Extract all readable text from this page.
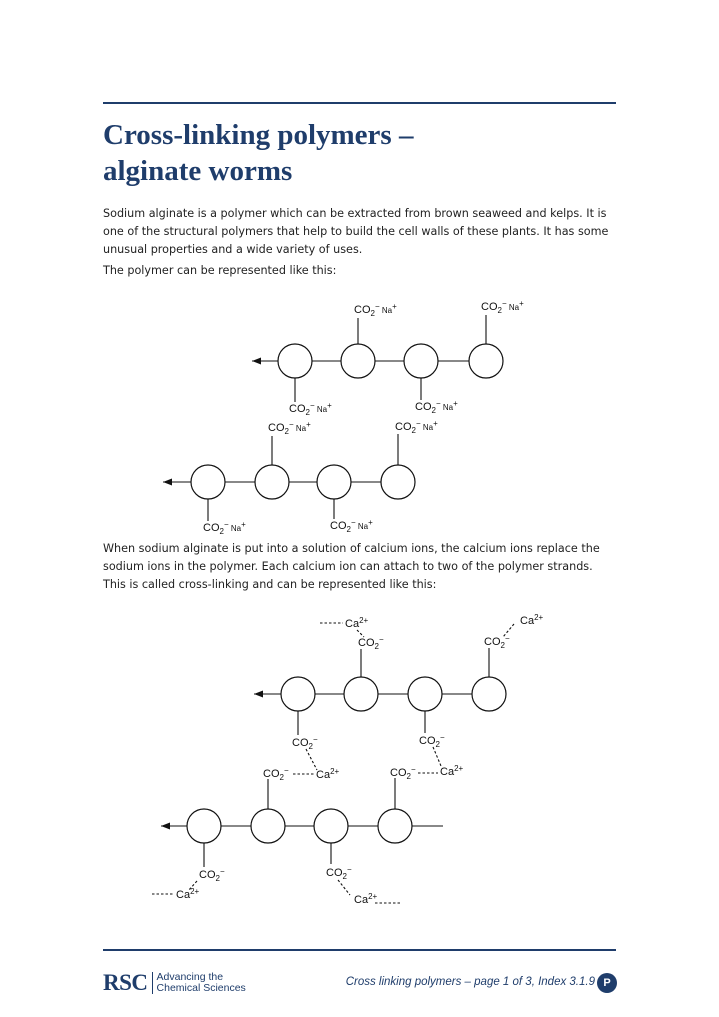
Cross-linking polymers –
alginate worms

Sodium alginate is a polymer which can be extracted from brown seaweed and kelps. It is one of the structural polymers that help to build the cell walls of these plants. It has some unusual properties and a wide variety of uses.

The polymer can be represented like this:

$CO_2^-$ $_{Na}$+	$CO_2^-$ $_{Na}$+
$CO_2^-$ $_{Na}$+	$CO_2^-$ $_{Na}$+
$CO_2^-$ $_{Na}$+	$CO_2^-$ $_{Na}$+
$CO_2^-$ $_{Na}$+	$CO_2^-$ $_{Na}$+
$CO_2^-$	$CO_2^-$
$CO_2^-$	$CO_2^-$
$Ca^{2+}$	$Ca^{2+}$
$CO_2^-$ $Ca^{2+}$	$CO_2^-$ $Ca^{2+}$
$CO_2^-$	$CO_2^-$
$Ca^{2+}$
$Ca^{2+}$

When sodium alginate is put into a solution of calcium ions, the calcium ions replace the sodium ions in the polymer. Each calcium ion can attach to two of the polymer strands. This is called cross-linking and can be represented like this:

RSC Advancing the
Chemical Sciences	Cross linking polymers – page 1 of 3, Index 3.1.9 P
